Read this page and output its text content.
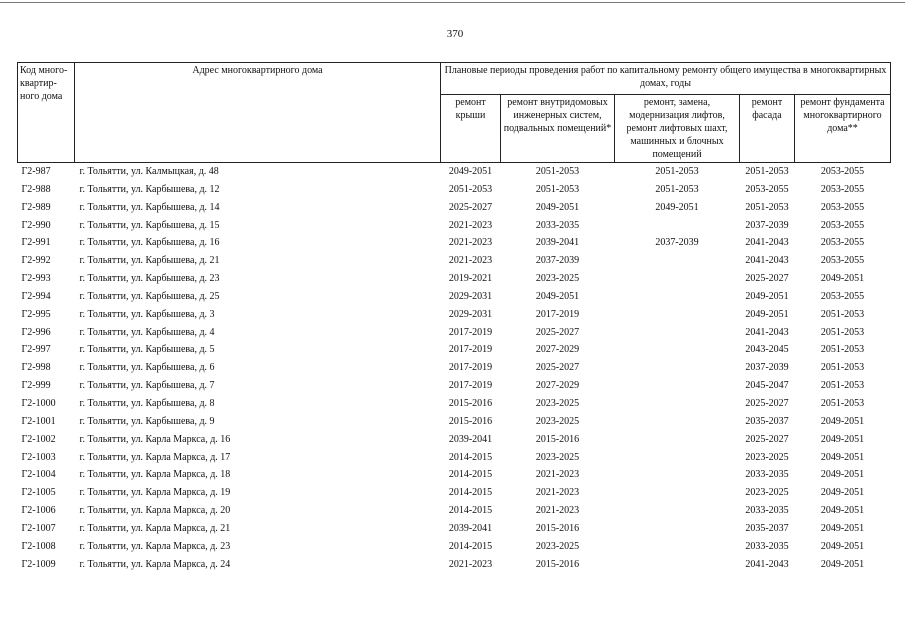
370
Код много-квартир-ного дома	Адрес многоквартирного дома	Плановые периоды проведения работ по капитальному ремонту общего имущества в многоквартирных домах, годы				
		ремонт крыши	ремонт внутридомовых инженерных систем, подвальных помещений*	ремонт, замена, модернизация лифтов, ремонт лифтовых шахт, машинных и блочных помещений	ремонт фасада	ремонт фундамента многоквартирного дома**
Г2-987	г. Тольятти, ул. Калмыцкая, д. 48	2049-2051	2051-2053	2051-2053	2051-2053	2053-2055
Г2-988	г. Тольятти, ул. Карбышева, д. 12	2051-2053	2051-2053	2051-2053	2053-2055	2053-2055
Г2-989	г. Тольятти, ул. Карбышева, д. 14	2025-2027	2049-2051	2049-2051	2051-2053	2053-2055
Г2-990	г. Тольятти, ул. Карбышева, д. 15	2021-2023	2033-2035		2037-2039	2053-2055
Г2-991	г. Тольятти, ул. Карбышева, д. 16	2021-2023	2039-2041	2037-2039	2041-2043	2053-2055
Г2-992	г. Тольятти, ул. Карбышева, д. 21	2021-2023	2037-2039		2041-2043	2053-2055
Г2-993	г. Тольятти, ул. Карбышева, д. 23	2019-2021	2023-2025		2025-2027	2049-2051
Г2-994	г. Тольятти, ул. Карбышева, д. 25	2029-2031	2049-2051		2049-2051	2053-2055
Г2-995	г. Тольятти, ул. Карбышева, д. 3	2029-2031	2017-2019		2049-2051	2051-2053
Г2-996	г. Тольятти, ул. Карбышева, д. 4	2017-2019	2025-2027		2041-2043	2051-2053
Г2-997	г. Тольятти, ул. Карбышева, д. 5	2017-2019	2027-2029		2043-2045	2051-2053
Г2-998	г. Тольятти, ул. Карбышева, д. 6	2017-2019	2025-2027		2037-2039	2051-2053
Г2-999	г. Тольятти, ул. Карбышева, д. 7	2017-2019	2027-2029		2045-2047	2051-2053
Г2-1000	г. Тольятти, ул. Карбышева, д. 8	2015-2016	2023-2025		2025-2027	2051-2053
Г2-1001	г. Тольятти, ул. Карбышева, д. 9	2015-2016	2023-2025		2035-2037	2049-2051
Г2-1002	г. Тольятти, ул. Карла Маркса, д. 16	2039-2041	2015-2016		2025-2027	2049-2051
Г2-1003	г. Тольятти, ул. Карла Маркса, д. 17	2014-2015	2023-2025		2023-2025	2049-2051
Г2-1004	г. Тольятти, ул. Карла Маркса, д. 18	2014-2015	2021-2023		2033-2035	2049-2051
Г2-1005	г. Тольятти, ул. Карла Маркса, д. 19	2014-2015	2021-2023		2023-2025	2049-2051
Г2-1006	г. Тольятти, ул. Карла Маркса, д. 20	2014-2015	2021-2023		2033-2035	2049-2051
Г2-1007	г. Тольятти, ул. Карла Маркса, д. 21	2039-2041	2015-2016		2035-2037	2049-2051
Г2-1008	г. Тольятти, ул. Карла Маркса, д. 23	2014-2015	2023-2025		2033-2035	2049-2051
Г2-1009	г. Тольятти, ул. Карла Маркса, д. 24	2021-2023	2015-2016		2041-2043	2049-2051
